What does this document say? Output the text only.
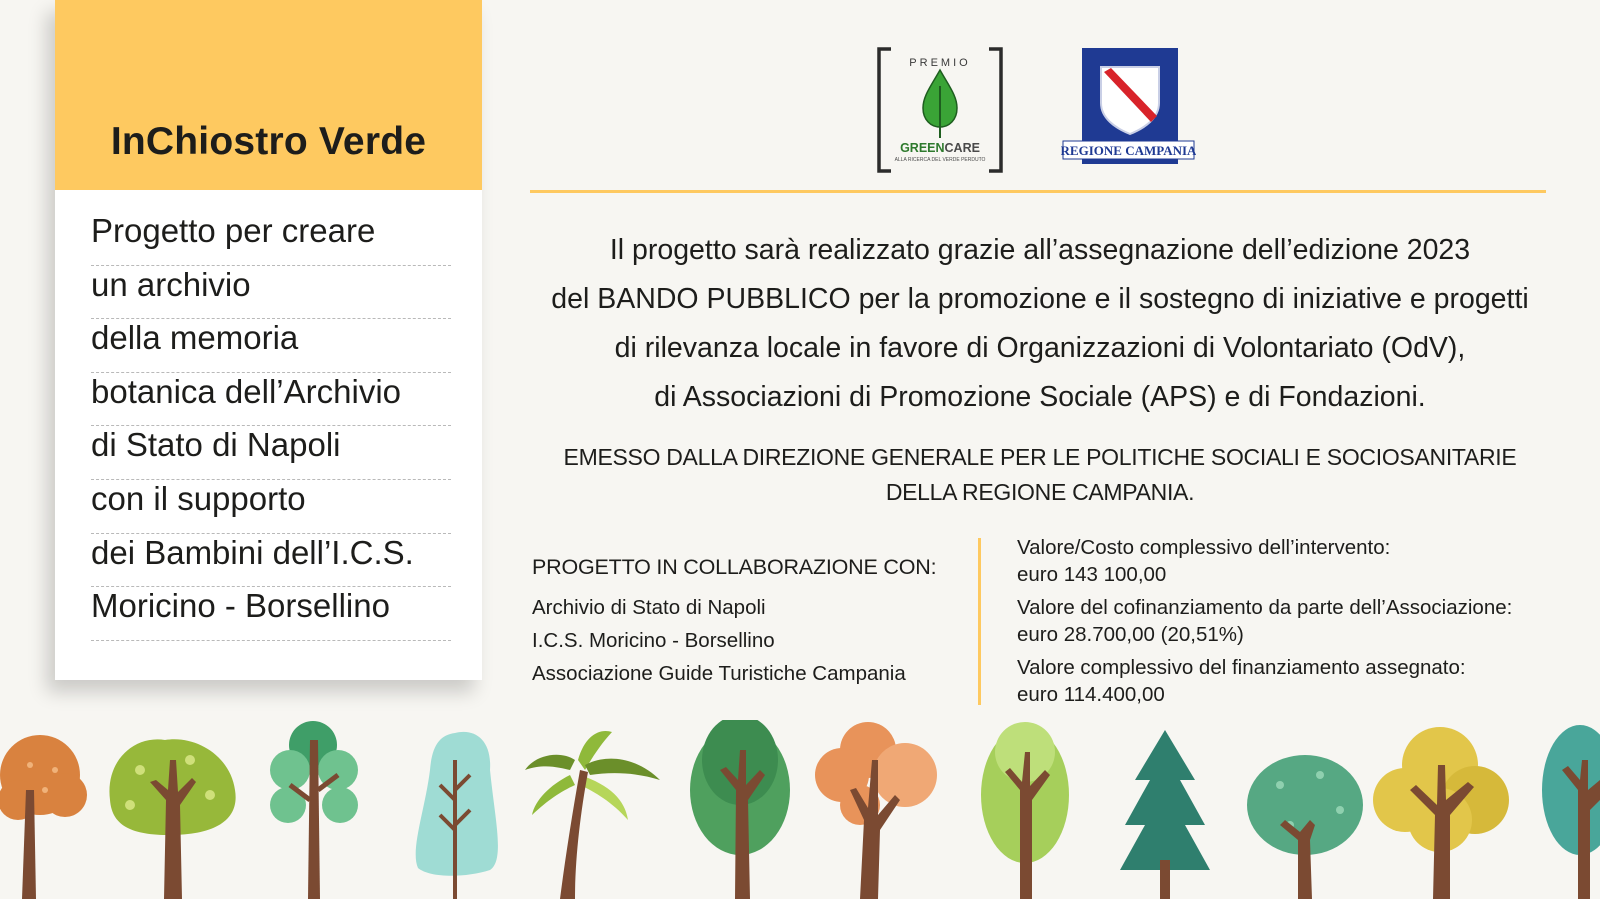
InChiostro Verde
Progetto per creare
un archivio
della memoria
botanica dell’Archivio
di Stato di Napoli
con il supporto
dei Bambini dell’I.C.S.
Moricino - Borsellino
PREMIO
GREENCARE
ALLA RICERCA DEL VERDE PERDUTO
REGIONE CAMPANIA
Il progetto sarà realizzato grazie all’assegnazione dell’edizione 2023
del BANDO PUBBLICO per la promozione e il sostegno di iniziative e progetti
di rilevanza locale in favore di Organizzazioni di Volontariato (OdV),
di Associazioni di Promozione Sociale (APS) e di Fondazioni.
EMESSO DALLA DIREZIONE GENERALE PER LE POLITICHE SOCIALI E SOCIOSANITARIE
DELLA REGIONE CAMPANIA.
PROGETTO IN COLLABORAZIONE CON:
Archivio di Stato di Napoli
I.C.S. Moricino - Borsellino
Associazione Guide Turistiche Campania
Valore/Costo complessivo dell’intervento:
euro 143 100,00
Valore del cofinanziamento da parte dell’Associazione:
euro 28.700,00 (20,51%)
Valore complessivo del finanziamento assegnato:
euro 114.400,00
